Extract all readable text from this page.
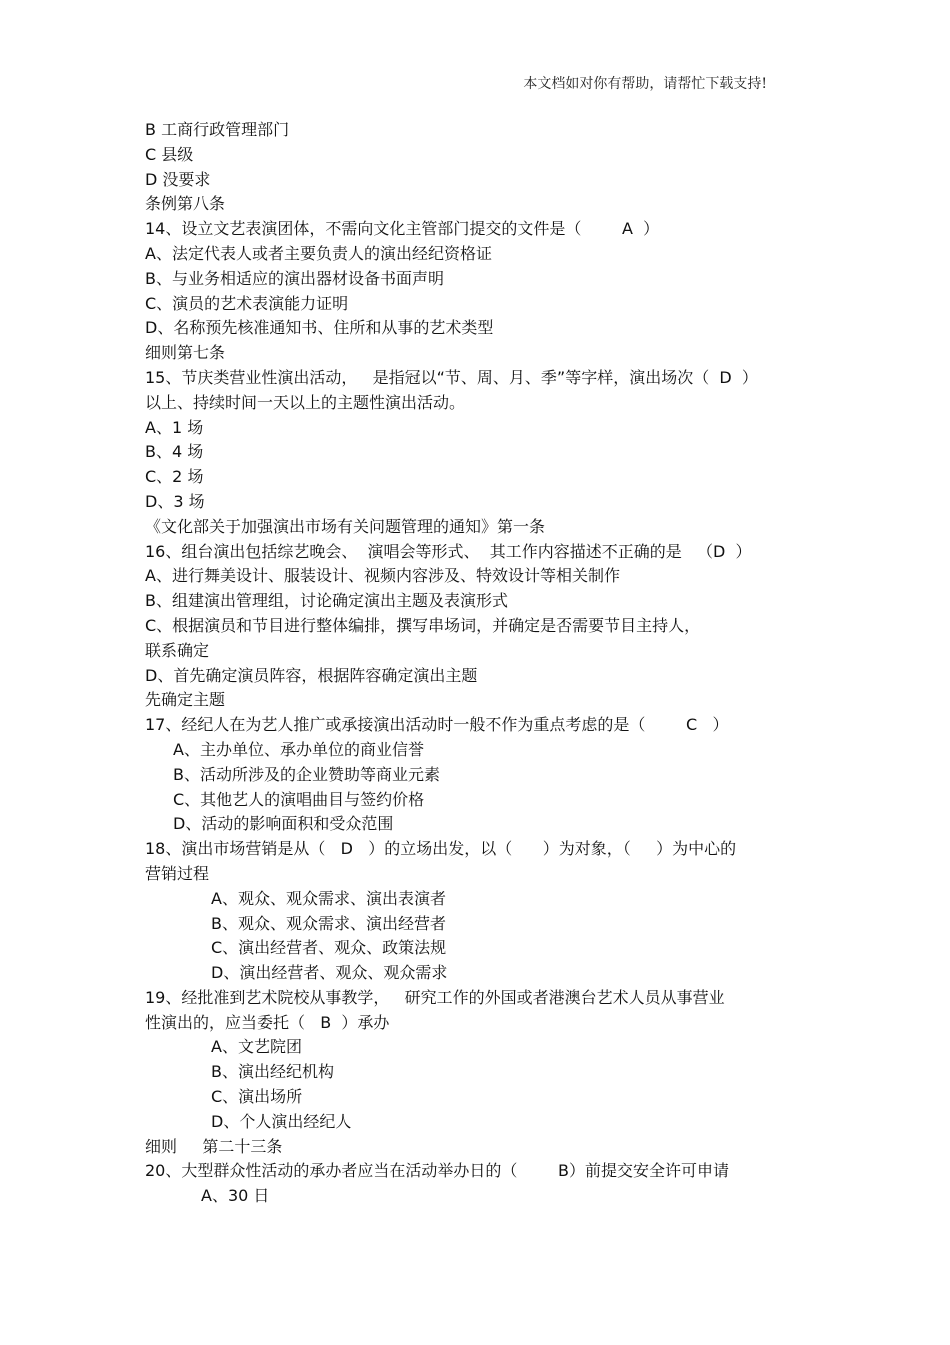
本文档如对你有帮助，请帮忙下载支持!
B 工商行政管理部门
C 县级
D 没要求
条例第八条
14、设立文艺表演团体，不需向文化主管部门提交的文件是（        A  ）
A、法定代表人或者主要负责人的演出经纪资格证
B、与业务相适应的演出器材设备书面声明
C、演员的艺术表演能力证明
D、名称预先核准通知书、住所和从事的艺术类型
细则第七条
15、节庆类营业性演出活动，   是指冠以“节、周、月、季”等字样，演出场次（  D  ）
以上、持续时间一天以上的主题性演出活动。
A、1 场
B、4 场
C、2 场
D、3 场
《文化部关于加强演出市场有关问题管理的通知》第一条
16、组台演出包括综艺晚会、  演唱会等形式、  其工作内容描述不正确的是   （D  ）
A、进行舞美设计、服装设计、视频内容涉及、特效设计等相关制作
B、组建演出管理组，讨论确定演出主题及表演形式
C、根据演员和节目进行整体编排，撰写串场词，并确定是否需要节目主持人，
联系确定
D、首先确定演员阵容，根据阵容确定演出主题
先确定主题
17、经纪人在为艺人推广或承接演出活动时一般不作为重点考虑的是（        C   ）
A、主办单位、承办单位的商业信誉
B、活动所涉及的企业赞助等商业元素
C、其他艺人的演唱曲目与签约价格
D、活动的影响面积和受众范围
18、演出市场营销是从（   D   ）的立场出发，以（      ）为对象，（     ）为中心的
营销过程
A、观众、观众需求、演出表演者
B、观众、观众需求、演出经营者
C、演出经营者、观众、政策法规
D、演出经营者、观众、观众需求
19、经批准到艺术院校从事教学，   研究工作的外国或者港澳台艺术人员从事营业
性演出的，应当委托（   B  ）承办
A、文艺院团
B、演出经纪机构
C、演出场所
D、个人演出经纪人
细则     第二十三条
20、大型群众性活动的承办者应当在活动举办日的（        B）前提交安全许可申请
A、30 日
